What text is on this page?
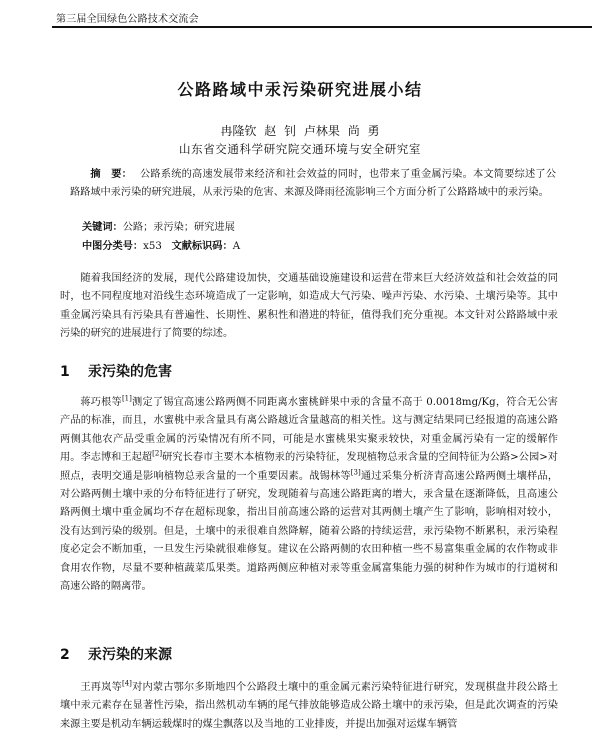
第三届全国绿色公路技术交流会
公路路域中汞污染研究进展小结
冉隆钦 赵 钊 卢林果 尚 勇
山东省交通科学研究院交通环境与安全研究室
摘　要： 公路系统的高速发展带来经济和社会效益的同时，也带来了重金属污染。本文简要综述了公路路域中汞污染的研究进展，从汞污染的危害、来源及降雨径流影响三个方面分析了公路路域中的汞污染。
关键词：公路；汞污染；研究进展
中图分类号：x53 文献标识码：A

随着我国经济的发展，现代公路建设加快，交通基础设施建设和运营在带来巨大经济效益和社会效益的同时，也不同程度地对沿线生态环境造成了一定影响，如造成大气污染、噪声污染、水污染、土壤污染等。其中重金属污染具有污染具有普遍性、长期性、累积性和潜进的特征，值得我们充分重视。本文针对公路路域中汞污染的研究的进展进行了简要的综述。

1 汞污染的危害

蒋巧根等[1]测定了锡宜高速公路两侧不同距离水蜜桃鲜果中汞的含量不高于 0.0018mg/Kg，符合无公害产品的标准，而且，水蜜桃中汞含量具有离公路越近含量越高的相关性。这与测定结果同已经报道的高速公路两侧其他农产品受重金属的污染情况有所不同，可能是水蜜桃果实聚汞较快，对重金属污染有一定的缓解作用。李志博和王起超[2]研究长春市主要木本植物汞的污染特征，发现植物总汞含量的空间特征为公路>公园>对照点，表明交通是影响植物总汞含量的一个重要因素。战锡林等[3]通过采集分析济青高速公路两侧土壤样品，对公路两侧土壤中汞的分布特征进行了研究，发现随着与高速公路距离的增大，汞含量在逐渐降低，且高速公路两侧土壤中重金属均不存在超标现象，指出目前高速公路的运营对其两侧土壤产生了影响，影响相对较小，没有达到污染的级别。但是，土壤中的汞很难自然降解，随着公路的持续运营，汞污染物不断累积，汞污染程度必定会不断加重，一旦发生污染就很难修复。建议在公路两侧的农田种植一些不易富集重金属的农作物或非食用农作物，尽量不要种植蔬菜瓜果类。道路两侧应种植对汞等重金属富集能力强的树种作为城市的行道树和高速公路的隔离带。

2 汞污染的来源

王再岚等[4]对内蒙古鄂尔多斯地四个公路段土壤中的重金属元素污染特征进行研究，发现棋盘井段公路土壤中汞元素存在显著性污染，指出然机动车辆的尾气排放能够造成公路土壤中的汞污染，但是此次调查的污染来源主要是机动车辆运载煤时的煤尘飘落以及当地的工业排废，并提出加强对运煤车辆管
